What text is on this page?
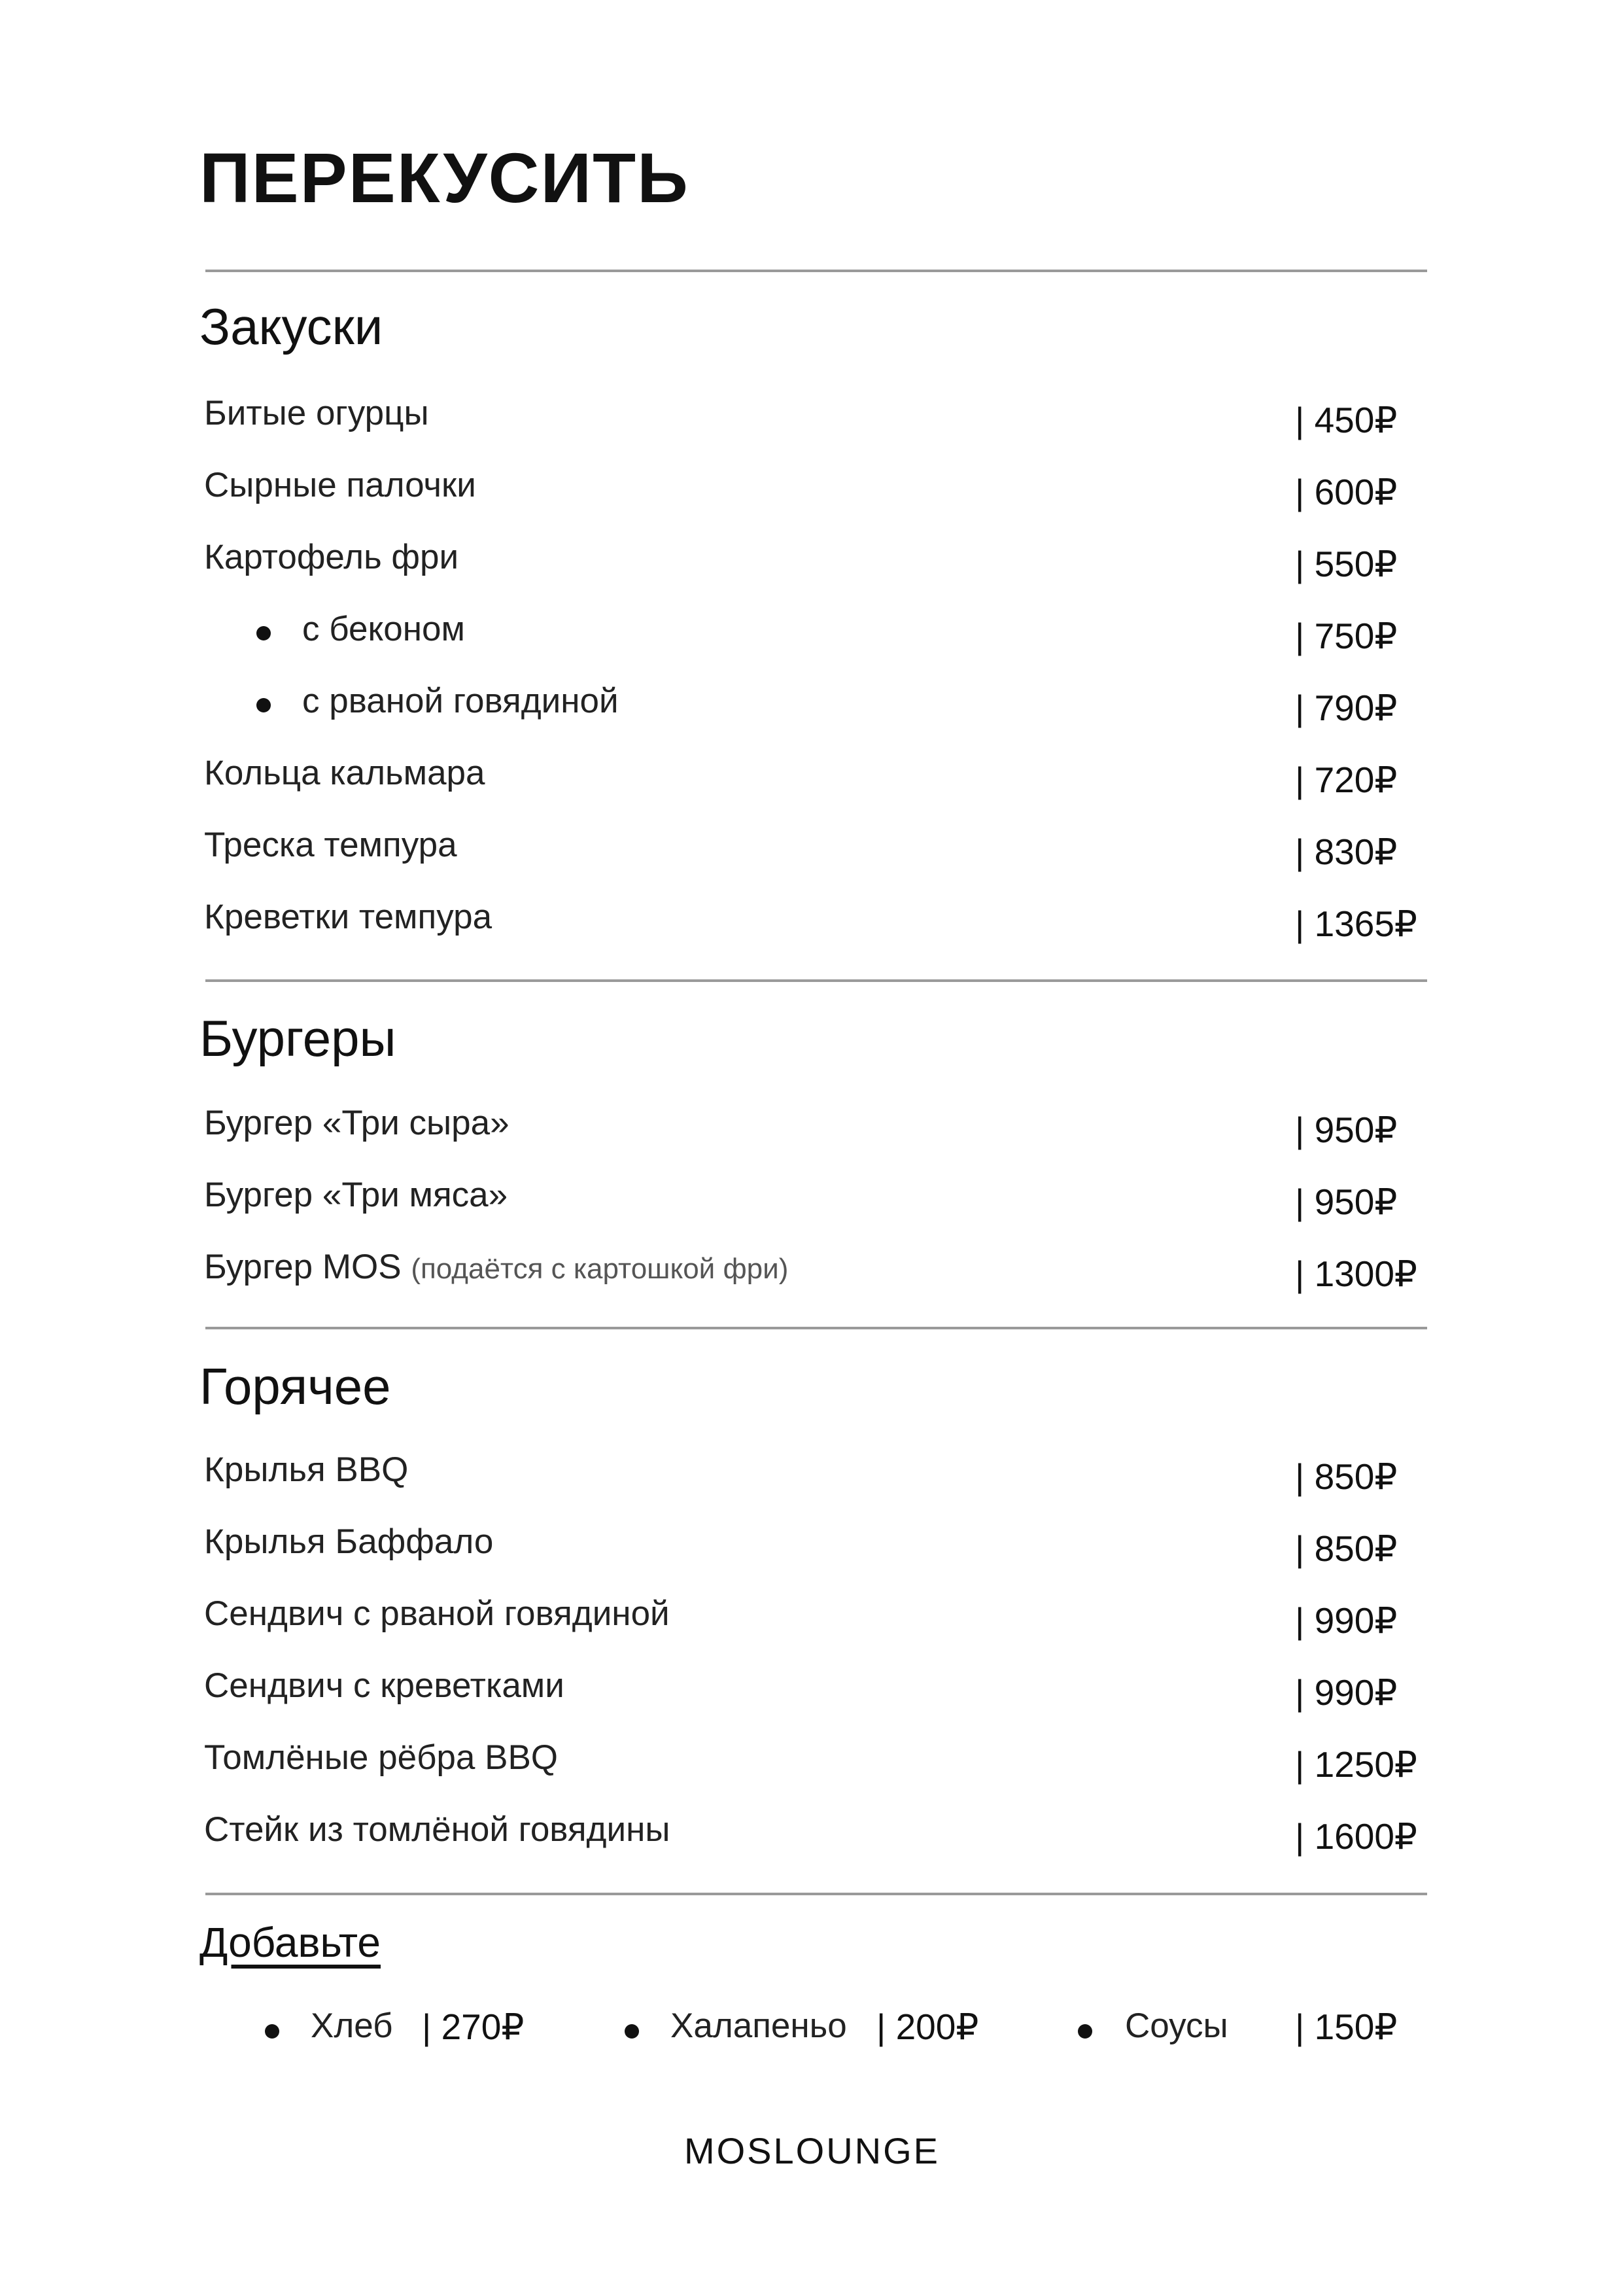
ПЕРЕКУСИТЬ
Закуски
Битые огурцы	| 450₽
Сырные палочки	| 600₽
Картофель фри	| 550₽
с беконом	| 750₽
с рваной говядиной	| 790₽
Кольца кальмара	| 720₽
Треска темпура	| 830₽
Креветки темпура	| 1365₽
Бургеры
Бургер «Три сыра»	| 950₽
Бургер «Три мяса»	| 950₽
Бургер MOS (подаётся с картошкой фри)	| 1300₽
Горячее
Крылья BBQ	| 850₽
Крылья Баффало	| 850₽
Сендвич с рваной говядиной	| 990₽
Сендвич с креветками	| 990₽
Томлёные рёбра BBQ	| 1250₽
Стейк из томлёной говядины	| 1600₽
Добавьте
Хлеб | 270₽	Халапеньо | 200₽	Соусы | 150₽
MOSLOUNGE
